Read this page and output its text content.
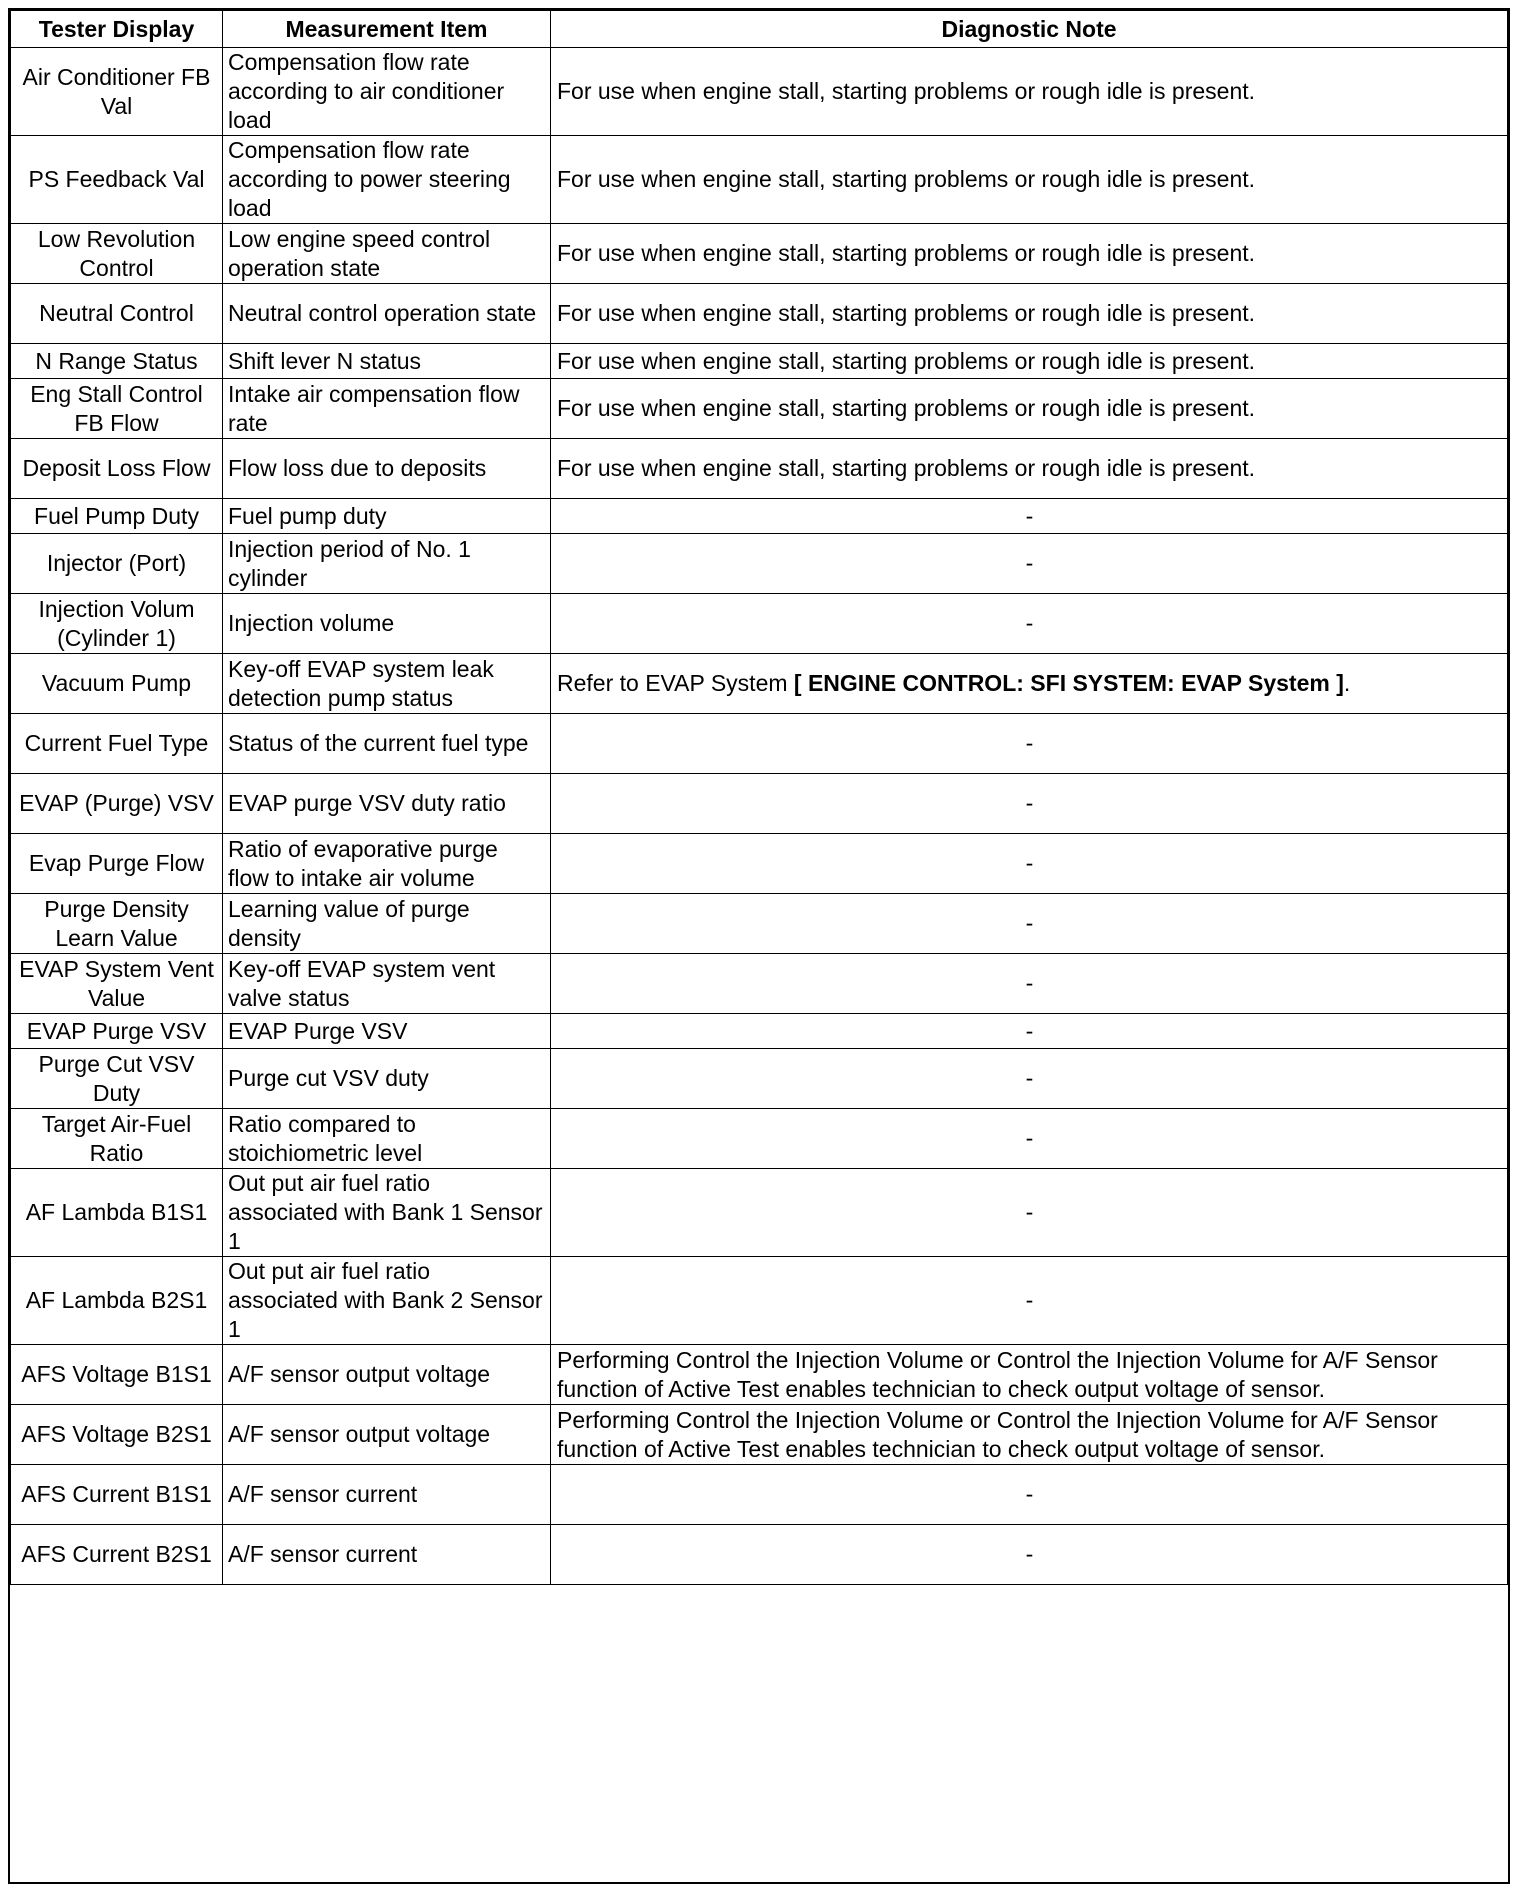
Tester Display	Measurement Item	Diagnostic Note
Air Conditioner FB Val	Compensation flow rate according to air conditioner load	For use when engine stall, starting problems or rough idle is present.
PS Feedback Val	Compensation flow rate according to power steering load	For use when engine stall, starting problems or rough idle is present.
Low Revolution Control	Low engine speed control operation state	For use when engine stall, starting problems or rough idle is present.
Neutral Control	Neutral control operation state	For use when engine stall, starting problems or rough idle is present.
N Range Status	Shift lever N status	For use when engine stall, starting problems or rough idle is present.
Eng Stall Control FB Flow	Intake air compensation flow rate	For use when engine stall, starting problems or rough idle is present.
Deposit Loss Flow	Flow loss due to deposits	For use when engine stall, starting problems or rough idle is present.
Fuel Pump Duty	Fuel pump duty	-
Injector (Port)	Injection period of No. 1 cylinder	-
Injection Volum (Cylinder 1)	Injection volume	-
Vacuum Pump	Key-off EVAP system leak detection pump status	Refer to EVAP System [ ENGINE CONTROL: SFI SYSTEM: EVAP System ].
Current Fuel Type	Status of the current fuel type	-
EVAP (Purge) VSV	EVAP purge VSV duty ratio	-
Evap Purge Flow	Ratio of evaporative purge flow to intake air volume	-
Purge Density Learn Value	Learning value of purge density	-
EVAP System Vent Value	Key-off EVAP system vent valve status	-
EVAP Purge VSV	EVAP Purge VSV	-
Purge Cut VSV Duty	Purge cut VSV duty	-
Target Air-Fuel Ratio	Ratio compared to stoichiometric level	-
AF Lambda B1S1	Out put air fuel ratio associated with Bank 1 Sensor 1	-
AF Lambda B2S1	Out put air fuel ratio associated with Bank 2 Sensor 1	-
AFS Voltage B1S1	A/F sensor output voltage	Performing Control the Injection Volume or Control the Injection Volume for A/F Sensor function of Active Test enables technician to check output voltage of sensor.
AFS Voltage B2S1	A/F sensor output voltage	Performing Control the Injection Volume or Control the Injection Volume for A/F Sensor function of Active Test enables technician to check output voltage of sensor.
AFS Current B1S1	A/F sensor current	-
AFS Current B2S1	A/F sensor current	-
